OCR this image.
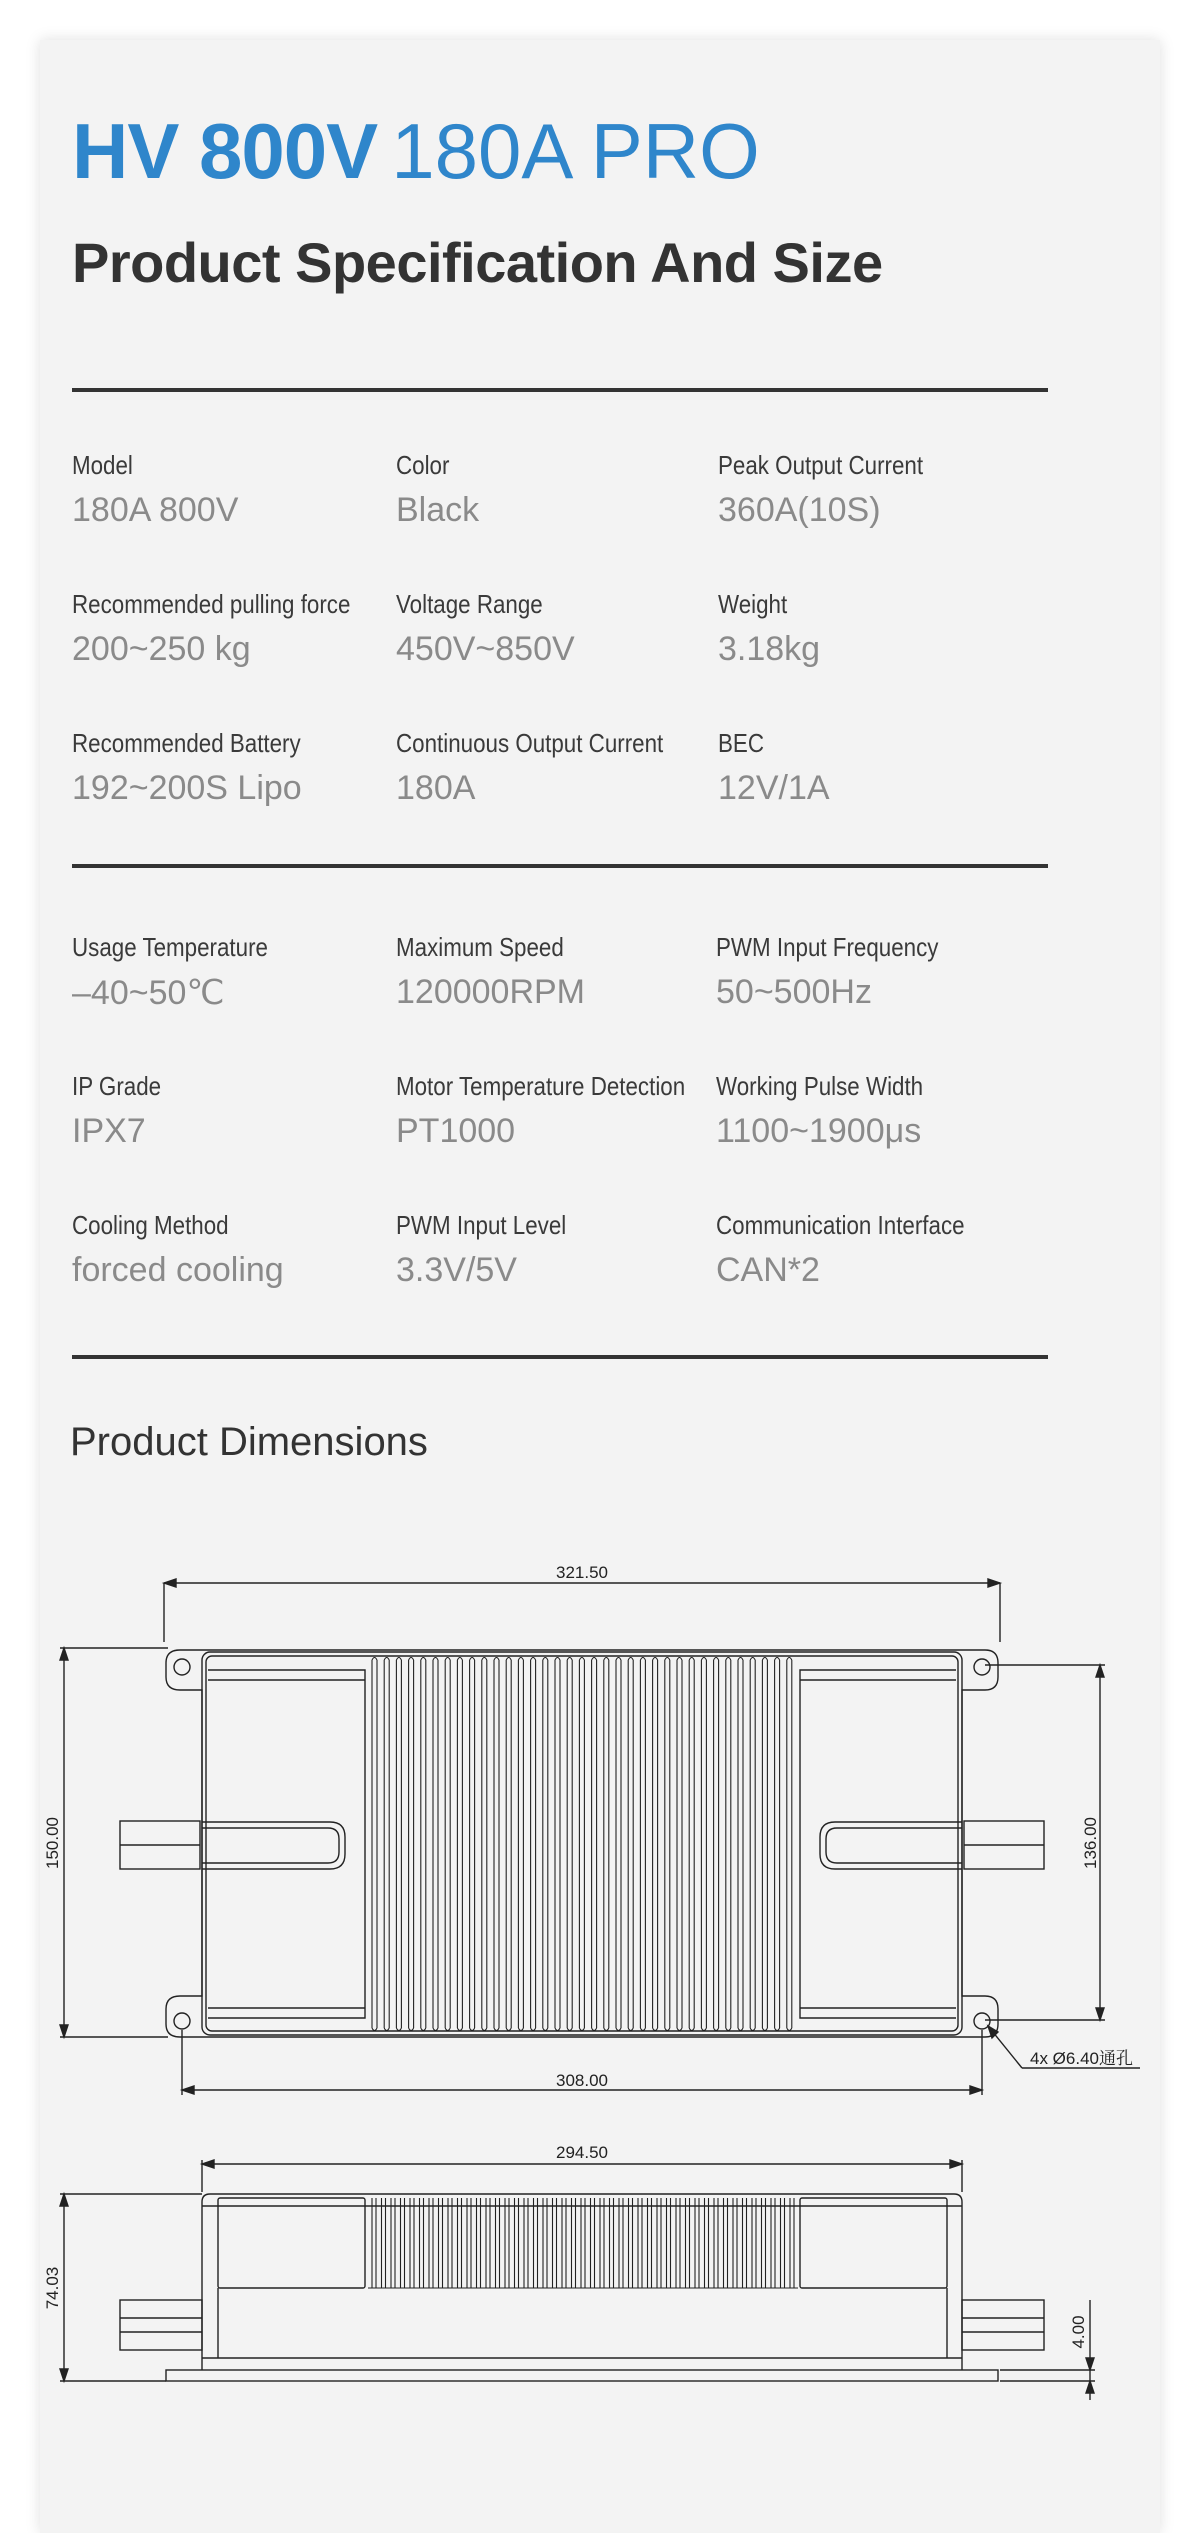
HV 800V 180A PRO
Product Specification And Size
Model
180A 800V
Color
Black
Peak Output Current
360A(10S)
Recommended pulling force
200~250 kg
Voltage Range
450V~850V
Weight
3.18kg
Recommended Battery
192~200S Lipo
Continuous Output Current
180A
BEC
12V/1A
Usage Temperature
–40~50℃
Maximum Speed
120000RPM
PWM Input Frequency
50~500Hz
IP Grade
IPX7
Motor Temperature Detection
PT1000
Working Pulse Width
1100~1900μs
Cooling Method
forced cooling
PWM Input Level
3.3V/5V
Communication Interface
CAN*2
Product Dimensions
321.50
308.00
150.00	136.00
4x Ø6.40通孔
294.50
74.03
4.00
